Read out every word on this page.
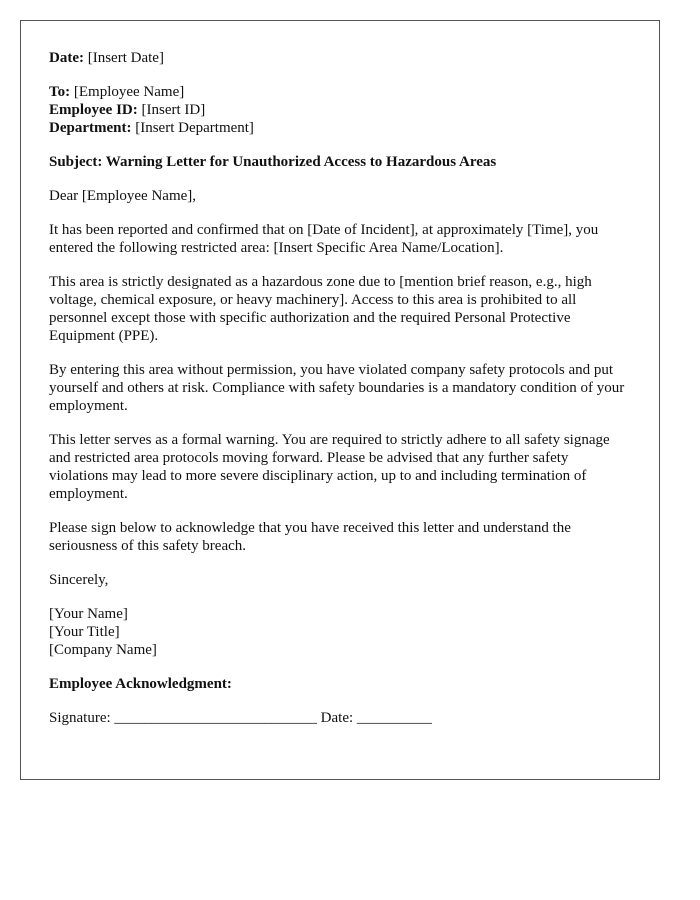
Date: [Insert Date]

To: [Employee Name]

Employee ID: [Insert ID]

Department: [Insert Department]

Subject: Warning Letter for Unauthorized Access to Hazardous Areas

Dear [Employee Name],

It has been reported and confirmed that on [Date of Incident], at approximately [Time], you entered the following restricted area: [Insert Specific Area Name/Location].

This area is strictly designated as a hazardous zone due to [mention brief reason, e.g., high voltage, chemical exposure, or heavy machinery]. Access to this area is prohibited to all personnel except those with specific authorization and the required Personal Protective Equipment (PPE).

By entering this area without permission, you have violated company safety protocols and put yourself and others at risk. Compliance with safety boundaries is a mandatory condition of your employment.

This letter serves as a formal warning. You are required to strictly adhere to all safety signage and restricted area protocols moving forward. Please be advised that any further safety violations may lead to more severe disciplinary action, up to and including termination of employment.

Please sign below to acknowledge that you have received this letter and understand the seriousness of this safety breach.

Sincerely,

[Your Name]

[Your Title]

[Company Name]

Employee Acknowledgment:

Signature: ___________________________ Date: __________
